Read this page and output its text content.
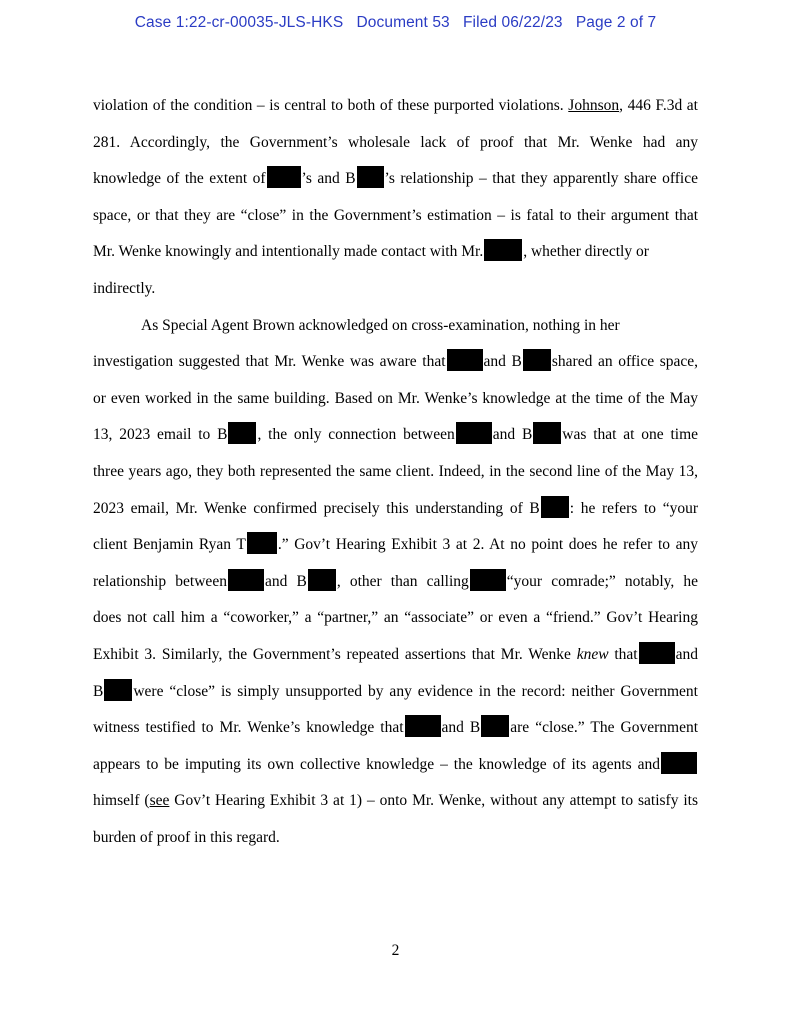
Case 1:22-cr-00035-JLS-HKS   Document 53   Filed 06/22/23   Page 2 of 7
violation of the condition – is central to both of these purported violations. Johnson, 446 F.3d at
281. Accordingly, the Government’s wholesale lack of proof that Mr. Wenke had any
knowledge of the extent of ’s and B ’s relationship – that they apparently share office
space, or that they are “close” in the Government’s estimation – is fatal to their argument that
Mr. Wenke knowingly and intentionally made contact with Mr.	, whether directly or
indirectly.
As Special Agent Brown acknowledged on cross-examination, nothing in her
investigation suggested that Mr. Wenke was aware that and B shared an office space,
or even worked in the same building. Based on Mr. Wenke’s knowledge at the time of the May
13, 2023 email to B , the only connection between and B was that at one time
three years ago, they both represented the same client. Indeed, in the second line of the May 13,
2023 email, Mr. Wenke confirmed precisely this understanding of B : he refers to “your
client Benjamin Ryan T .” Gov’t Hearing Exhibit 3 at 2. At no point does he refer to any
relationship between and B , other than calling “your comrade;” notably, he
does not call him a “coworker,” a “partner,” an “associate” or even a “friend.” Gov’t Hearing
Exhibit 3. Similarly, the Government’s repeated assertions that Mr. Wenke knew that and
B were “close” is simply unsupported by any evidence in the record: neither Government
witness testified to Mr. Wenke’s knowledge that and B are “close.” The Government
appears to be imputing its own collective knowledge – the knowledge of its agents and
himself (see Gov’t Hearing Exhibit 3 at 1) – onto Mr. Wenke, without any attempt to satisfy its
burden of proof in this regard.
2
